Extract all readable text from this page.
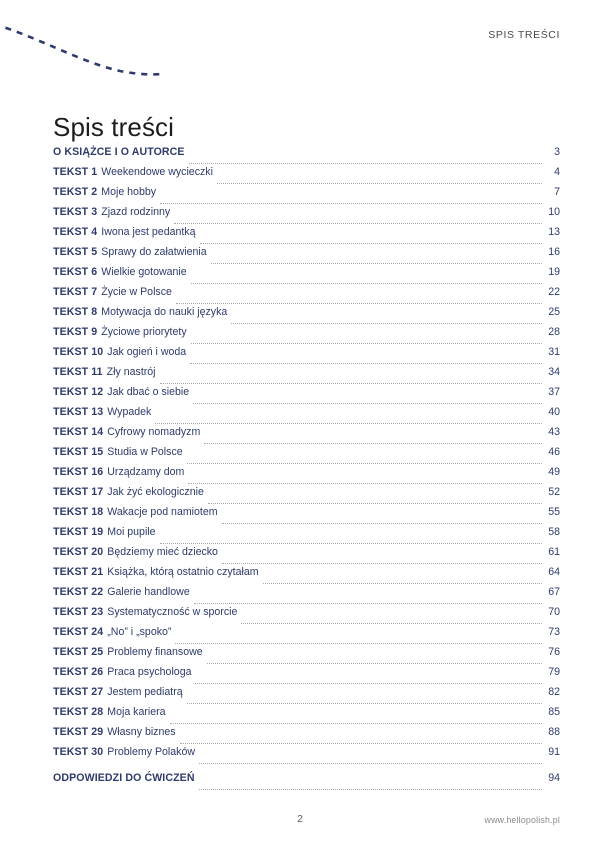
SPIS TREŚCI
Spis treści
O KSIĄŻCE I O AUTORCE	3
TEKST 1 Weekendowe wycieczki	4
TEKST 2 Moje hobby	7
TEKST 3 Zjazd rodzinny	10
TEKST 4 Iwona jest pedantką	13
TEKST 5 Sprawy do załatwienia	16
TEKST 6 Wielkie gotowanie	19
TEKST 7 Życie w Polsce	22
TEKST 8 Motywacja do nauki języka	25
TEKST 9 Życiowe priorytety	28
TEKST 10 Jak ogień i woda	31
TEKST 11 Zły nastrój	34
TEKST 12 Jak dbać o siebie	37
TEKST 13 Wypadek	40
TEKST 14 Cyfrowy nomadyzm	43
TEKST 15 Studia w Polsce	46
TEKST 16 Urządzamy dom	49
TEKST 17 Jak żyć ekologicznie	52
TEKST 18 Wakacje pod namiotem	55
TEKST 19 Moi pupile	58
TEKST 20 Będziemy mieć dziecko	61
TEKST 21 Książka, którą ostatnio czytałam	64
TEKST 22 Galerie handlowe	67
TEKST 23 Systematyczność w sporcie	70
TEKST 24 „No” i „spoko”	73
TEKST 25 Problemy finansowe	76
TEKST 26 Praca psychologa	79
TEKST 27 Jestem pediatrą	82
TEKST 28 Moja kariera	85
TEKST 29 Własny biznes	88
TEKST 30 Problemy Polaków	91
ODPOWIEDZI DO ĆWICZEŃ	94
2	www.hellopolish.pl
